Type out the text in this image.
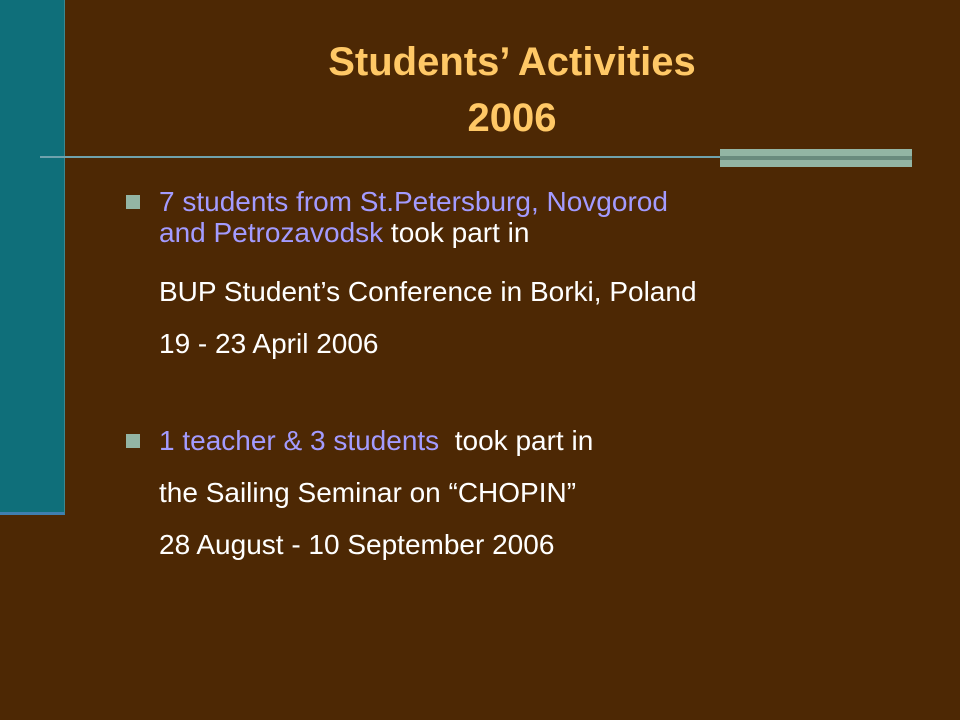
Students’ Activities
2006
7 students from St.Petersburg, Novgorod
and Petrozavodsk took part in
BUP Student’s Conference in Borki, Poland
19 - 23 April 2006
1 teacher & 3 students took part in
the Sailing Seminar on “CHOPIN”
28 August - 10 September 2006
